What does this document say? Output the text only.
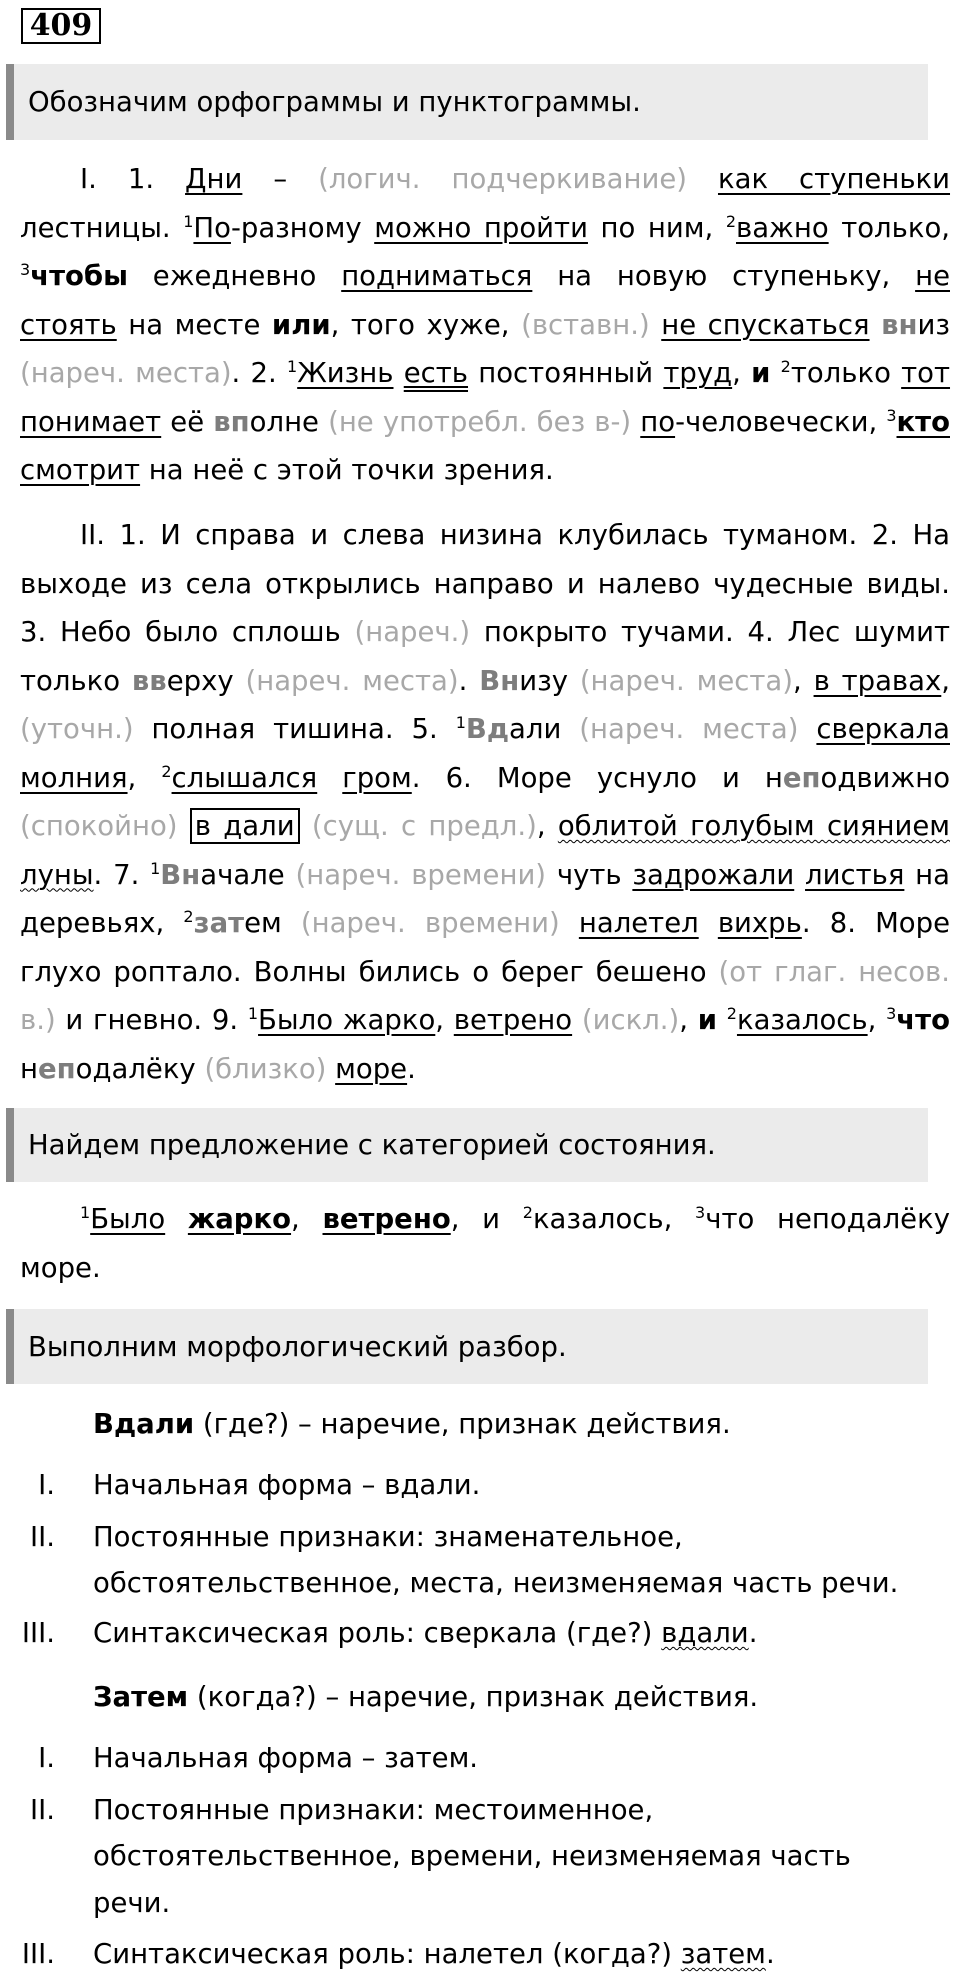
409
Обозначим орфограммы и пунктограммы.

I. 1. Дни – (логич. подчеркивание) как ступеньки лестницы. $^1$По-разному можно пройти по ним, $^2$важно только, $^3$чтобы ежедневно подниматься на новую ступеньку, не стоять на месте или, того хуже, (вставн.) не спускаться вниз (нареч. места). 2. $^1$Жизнь есть постоянный труд, и $^2$только тот понимает её вполне (не употребл. без в-) по-человечески, $^3$кто смотрит на неё с этой точки зрения.

II. 1. И справа и слева низина клубилась туманом. 2. На выходе из села открылись направо и налево чудесные виды. 3. Небо было сплошь (нареч.) покрыто тучами. 4. Лес шумит только вверху (нареч. места). Внизу (нареч. места), в травах, (уточн.) полная тишина. 5. $^1$Вдали (нареч. места) сверкала молния, $^2$слышался гром. 6. Море уснуло и неподвижно (спокойно) в дали (сущ. с предл.), облитой голубым сиянием луны. 7. $^1$Вначале (нареч. времени) чуть задрожали листья на деревьях, $^2$затем (нареч. времени) налетел вихрь. 8. Море глухо роптало. Волны бились о берег бешено (от глаг. несов. в.) и гневно. 9. $^1$Было жарко, ветрено (искл.), и $^2$казалось, $^3$что неподалёку (близко) море.

Найдем предложение с категорией состояния.

$^1$Было жарко, ветрено, и $^2$казалось, $^3$что неподалёку море.

Выполним морфологический разбор.
Вдали (где?) – наречие, признак действия.
I. Начальная форма – вдали.
II. Постоянные признаки: знаменательное,
обстоятельственное, места, неизменяемая часть речи.
III. Синтаксическая роль: сверкала (где?) вдали.
Затем (когда?) – наречие, признак действия.
I. Начальная форма – затем.
II. Постоянные признаки: местоименное,
обстоятельственное, времени, неизменяемая часть
речи.
III. Синтаксическая роль: налетел (когда?) затем.
